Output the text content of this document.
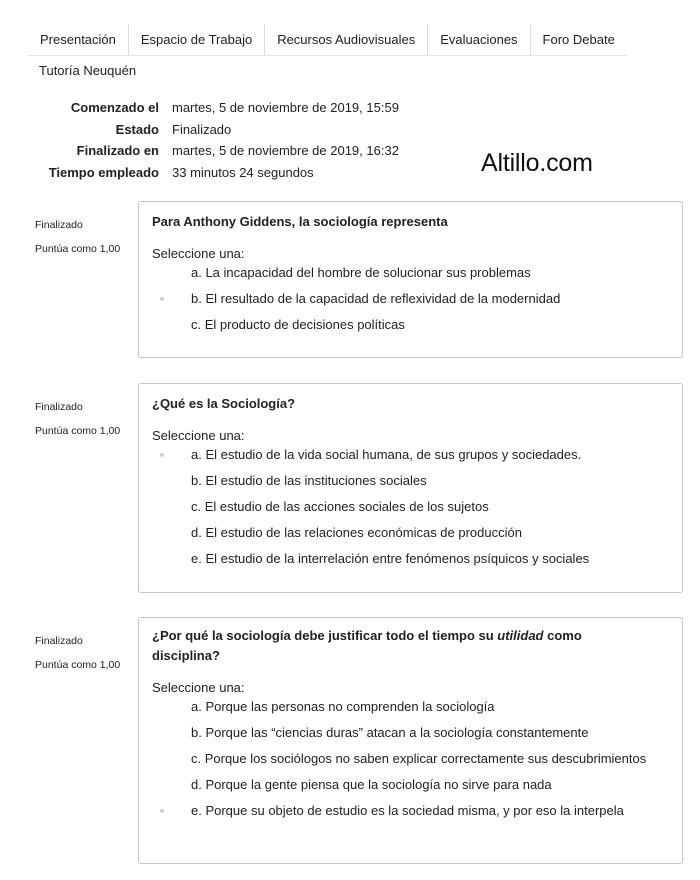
Presentación	Espacio de Trabajo	Recursos Audiovisuales	Evaluaciones	Foro Debate
Tutoría Neuquén
Comenzado el	martes, 5 de noviembre de 2019, 15:59
Estado	Finalizado
Finalizado en	martes, 5 de noviembre de 2019, 16:32
Tiempo empleado	33 minutos 24 segundos	Altillo.com
Finalizado
Puntúa como 1,00
Para Anthony Giddens, la sociología representa
Seleccione una:
a. La incapacidad del hombre de solucionar sus problemas
b. El resultado de la capacidad de reflexividad de la modernidad
c. El producto de decisiones políticas
Finalizado
Puntúa como 1,00
¿Qué es la Sociología?
Seleccione una:
a. El estudio de la vida social humana, de sus grupos y sociedades.
b. El estudio de las instituciones sociales
c. El estudio de las acciones sociales de los sujetos
d. El estudio de las relaciones económicas de producción
e. El estudio de la interrelación entre fenómenos psíquicos y sociales
Finalizado
Puntúa como 1,00
¿Por qué la sociología debe justificar todo el tiempo su utilidad como disciplina?
Seleccione una:
a. Porque las personas no comprenden la sociología
b. Porque las “ciencias duras” atacan a la sociología constantemente
c. Porque los sociólogos no saben explicar correctamente sus descubrimientos
d. Porque la gente piensa que la sociología no sirve para nada
e. Porque su objeto de estudio es la sociedad misma, y por eso la interpela
